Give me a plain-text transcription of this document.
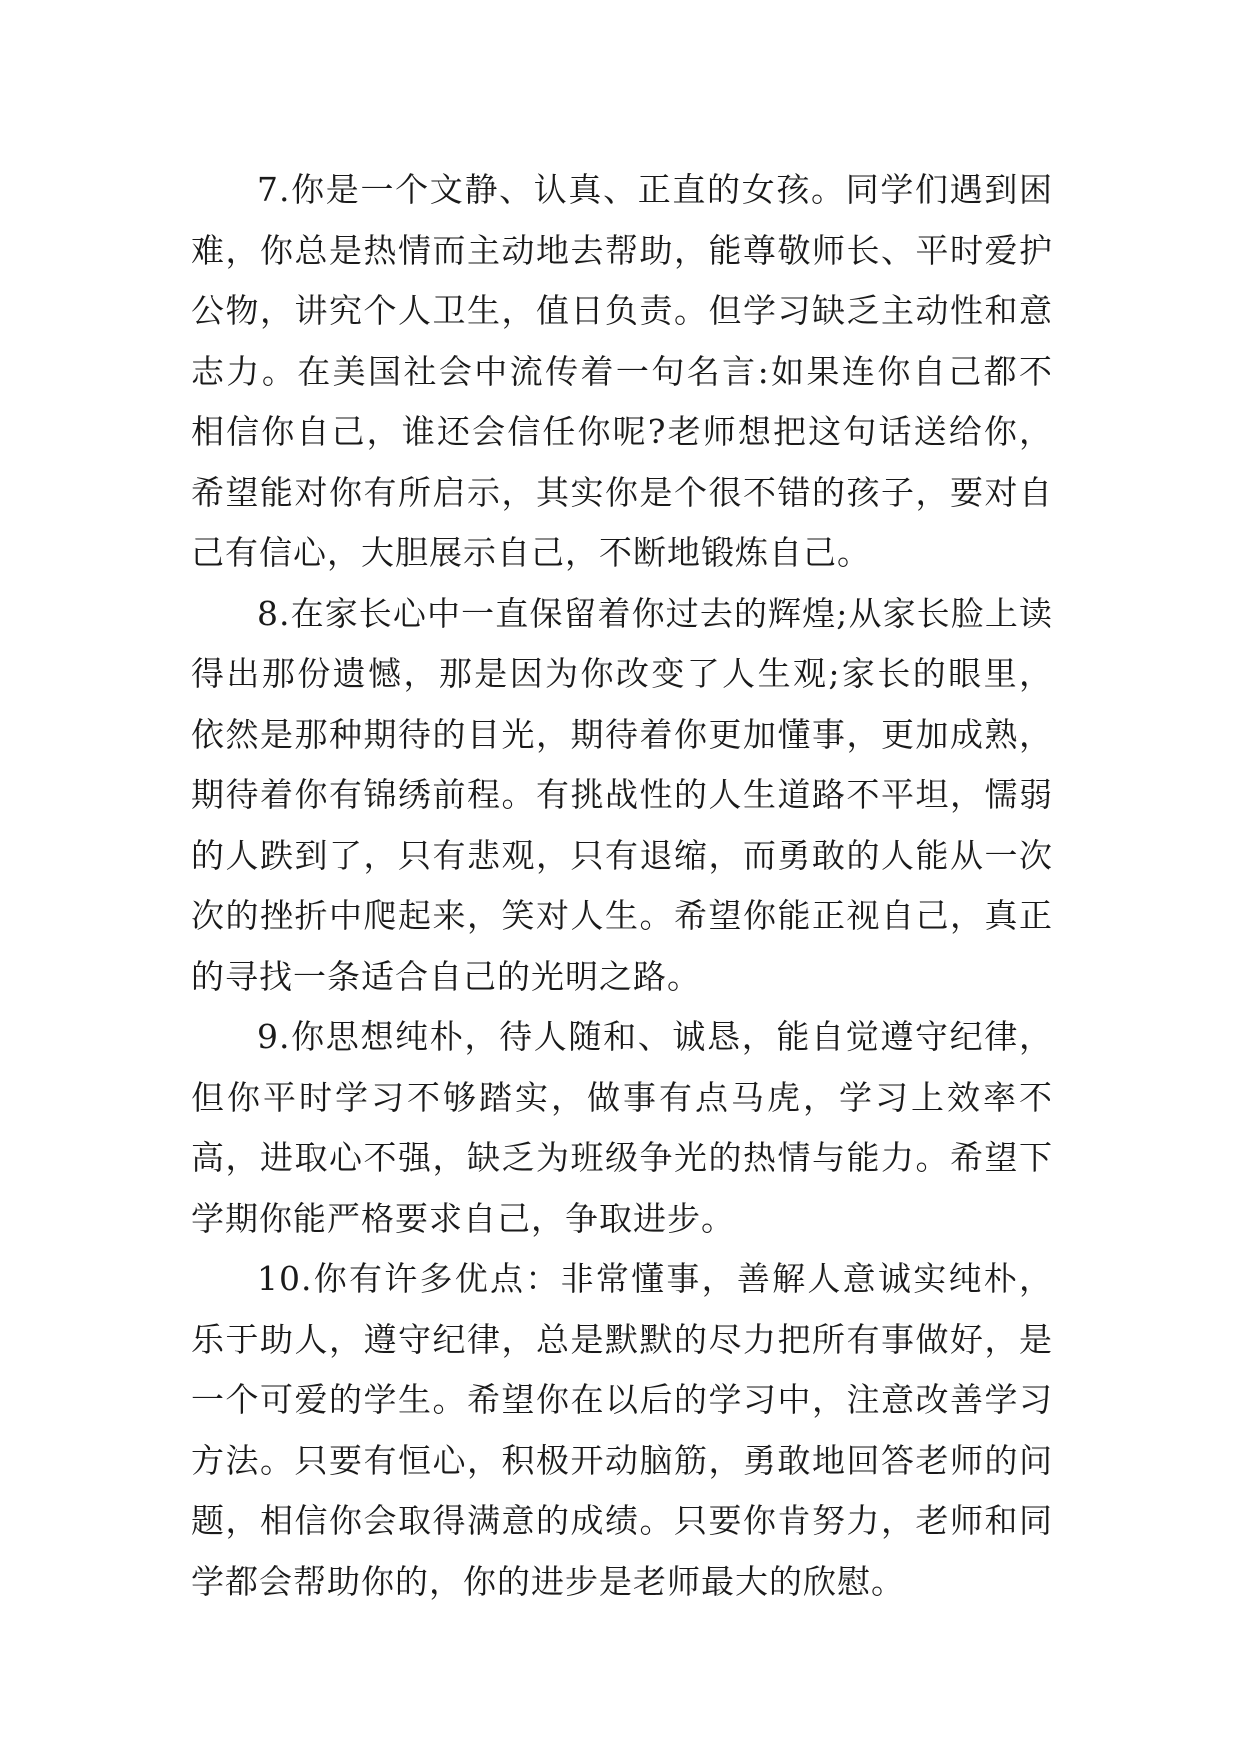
7.你是一个文静、认真、正直的女孩。同学们遇到困难，你总是热情而主动地去帮助，能尊敬师长、平时爱护公物，讲究个人卫生，值日负责。但学习缺乏主动性和意志力。在美国社会中流传着一句名言:如果连你自己都不相信你自己，谁还会信任你呢?老师想把这句话送给你，希望能对你有所启示，其实你是个很不错的孩子，要对自己有信心，大胆展示自己，不断地锻炼自己。

8.在家长心中一直保留着你过去的辉煌;从家长脸上读得出那份遗憾，那是因为你改变了人生观;家长的眼里，依然是那种期待的目光，期待着你更加懂事，更加成熟，期待着你有锦绣前程。有挑战性的人生道路不平坦，懦弱的人跌到了，只有悲观，只有退缩，而勇敢的人能从一次次的挫折中爬起来，笑对人生。希望你能正视自己，真正的寻找一条适合自己的光明之路。

9.你思想纯朴，待人随和、诚恳，能自觉遵守纪律，但你平时学习不够踏实，做事有点马虎，学习上效率不高，进取心不强，缺乏为班级争光的热情与能力。希望下学期你能严格要求自己，争取进步。

10.你有许多优点：非常懂事，善解人意诚实纯朴，乐于助人，遵守纪律，总是默默的尽力把所有事做好，是一个可爱的学生。希望你在以后的学习中，注意改善学习方法。只要有恒心，积极开动脑筋，勇敢地回答老师的问题，相信你会取得满意的成绩。只要你肯努力，老师和同学都会帮助你的，你的进步是老师最大的欣慰。
